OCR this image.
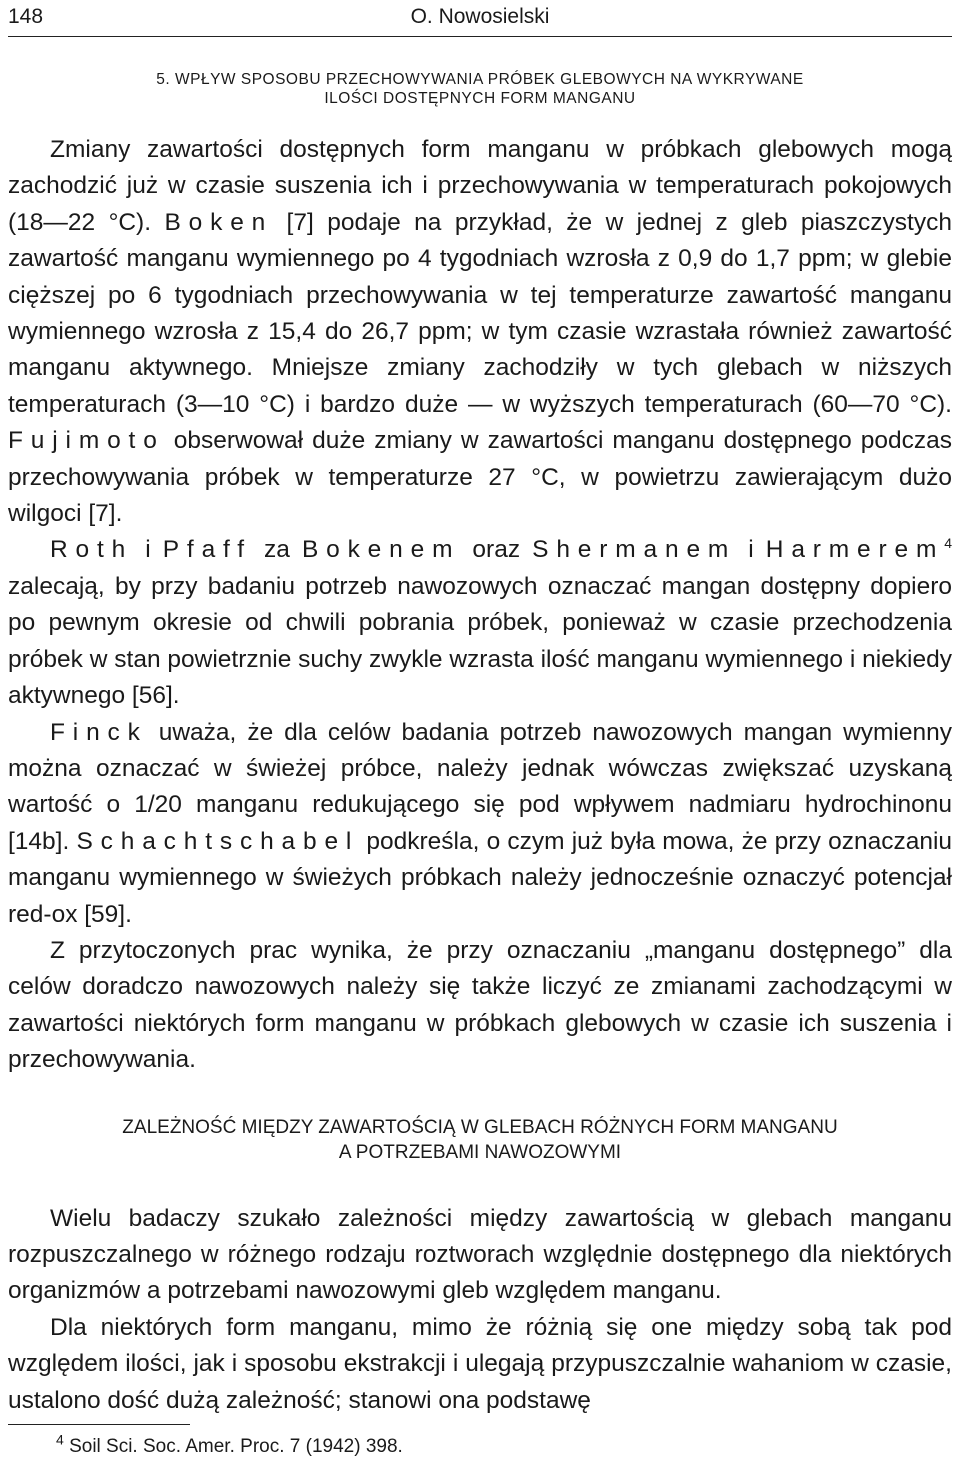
148	O. Nowosielski
5. WPŁYW SPOSOBU PRZECHOWYWANIA PRÓBEK GLEBOWYCH NA WYKRYWANE
ILOŚCI DOSTĘPNYCH FORM MANGANU

Zmiany zawartości dostępnych form manganu w próbkach glebowych mogą zachodzić już w czasie suszenia ich i przechowywania w temperaturach pokojowych (18—22 °C). Boken [7] podaje na przykład, że w jednej z gleb piaszczystych zawartość manganu wymiennego po 4 tygodniach wzrosła z 0,9 do 1,7 ppm; w glebie cięższej po 6 tygodniach przechowywania w tej temperaturze zawartość manganu wymiennego wzrosła z 15,4 do 26,7 ppm; w tym czasie wzrastała również zawartość manganu aktywnego. Mniejsze zmiany zachodziły w tych glebach w niższych temperaturach (3—10 °C) i bardzo duże — w wyższych temperaturach (60—70 °C). Fujimoto obserwował duże zmiany w zawartości manganu dostępnego podczas przechowywania próbek w temperaturze 27 °C, w powietrzu zawierającym dużo wilgoci [7].

Roth i Pfaff za Bokenem oraz Shermanem i Harmerem$^4$ zalecają, by przy badaniu potrzeb nawozowych oznaczać mangan dostępny dopiero po pewnym okresie od chwili pobrania próbek, ponieważ w czasie przechodzenia próbek w stan powietrznie suchy zwykle wzrasta ilość manganu wymiennego i niekiedy aktywnego [56].

Finck uważa, że dla celów badania potrzeb nawozowych mangan wymienny można oznaczać w świeżej próbce, należy jednak wówczas zwiększać uzyskaną wartość o 1/20 manganu redukującego się pod wpływem nadmiaru hydrochinonu [14b]. Schachtschabel podkreśla, o czym już była mowa, że przy oznaczaniu manganu wymiennego w świeżych próbkach należy jednocześnie oznaczyć potencjał red-ox [59].

Z przytoczonych prac wynika, że przy oznaczaniu „manganu dostępnego” dla celów doradczo nawozowych należy się także liczyć ze zmianami zachodzącymi w zawartości niektórych form manganu w próbkach glebowych w czasie ich suszenia i przechowywania.

ZALEŻNOŚĆ MIĘDZY ZAWARTOŚCIĄ W GLEBACH RÓŻNYCH FORM MANGANU
A POTRZEBAMI NAWOZOWYMI

Wielu badaczy szukało zależności między zawartością w glebach manganu rozpuszczalnego w różnego rodzaju roztworach względnie dostępnego dla niektórych organizmów a potrzebami nawozowymi gleb względem manganu.

Dla niektórych form manganu, mimo że różnią się one między sobą tak pod względem ilości, jak i sposobu ekstrakcji i ulegają przypuszczalnie wahaniom w czasie, ustalono dość dużą zależność; stanowi ona podstawę

$^4$ Soil Sci. Soc. Amer. Proc. 7 (1942) 398.
